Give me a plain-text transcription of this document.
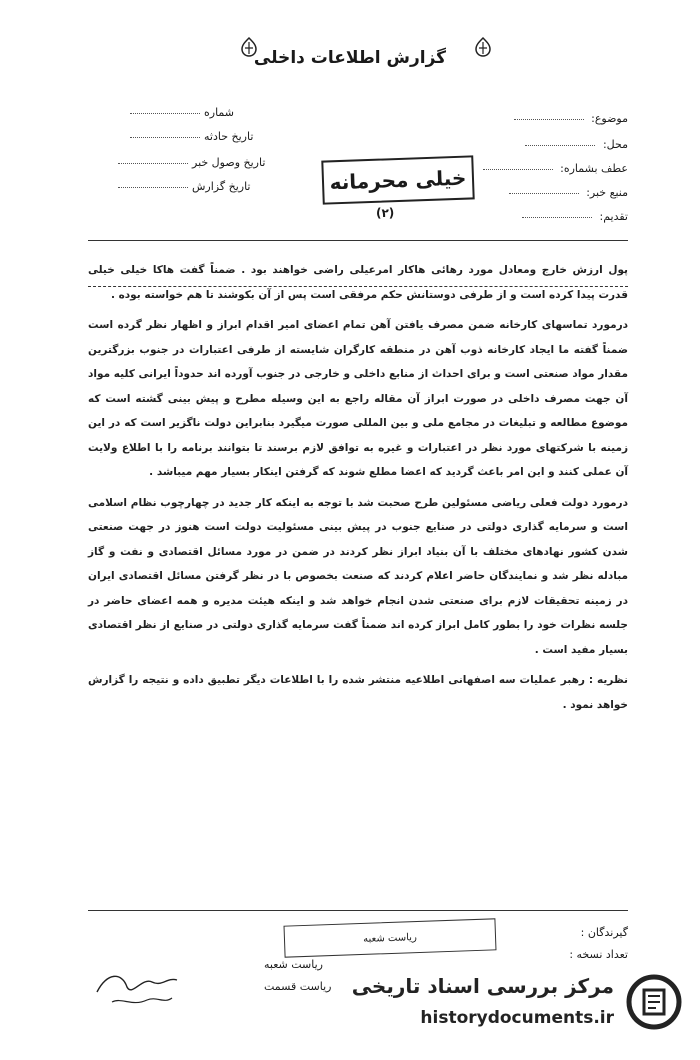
گزارش اطلاعات داخلی
شماره
تاریخ حادثه
تاریخ وصول خبر
تاریخ گزارش
موضوع:
محل:
عطف بشماره:
منبع خبر:
تقدیم:
خیلی محرمانه
(۲)

پول ارزش خارج ومعادل مورد رهائی هاکار امرعیلی راضی خواهند بود . ضمناً گفت هاکا خیلی خیلی قدرت پیدا کرده است و از طرفی دوستانش حکم مرفقی است پس از آن بکوشند تا هم خواسته بوده .

درمورد تماسهای کارخانه ضمن مصرف یافتن آهن تمام اعضای امیر اقدام ابراز و اظهار نظر گرده است ضمناً گفته ما ایجاد کارخانه ذوب آهن در منطقه کارگران شایسته از طرفی اعتبارات در جنوب بزرگترین مقدار مواد صنعتی است و برای احداث از منابع داخلی و خارجی در جنوب آورده اند حدوداً ایرانی کلیه مواد آن جهت مصرف داخلی در صورت ابراز آن مقاله راجع به این وسیله مطرح و پیش بینی گشته است که موضوع مطالعه و تبلیغات در مجامع ملی و بین المللی صورت میگیرد بنابراین دولت ناگزیر است که در این زمینه با شرکتهای مورد نظر در اعتبارات و غیره به توافق لازم برسند تا بتوانند برنامه را با اطلاع ولایت آن عملی کنند و این امر باعث گردید که اعضا مطلع شوند که گرفتن اینکار بسیار مهم میباشد .

درمورد دولت فعلی ریاضی مسئولین طرح صحبت شد با توجه به اینکه کار جدید در چهارچوب نظام اسلامی است و سرمایه گذاری دولتی در صنایع جنوب در پیش بینی مسئولیت دولت است هنوز در جهت صنعتی شدن کشور نهادهای مختلف با آن بنیاد ابراز نظر کردند در ضمن در مورد مسائل اقتصادی و نفت و گاز مبادله نظر شد و نمایندگان حاضر اعلام کردند که صنعت بخصوص با در نظر گرفتن مسائل اقتصادی ایران در زمینه تحقیقات لازم برای صنعتی شدن انجام خواهد شد و اینکه هیئت مدیره و همه اعضای حاضر در جلسه نظرات خود را بطور کامل ابراز کرده اند ضمناً گفت سرمایه گذاری دولتی در صنایع از نظر اقتصادی بسیار مفید است .

نظریه : رهبر عملیات سه اصفهانی اطلاعیه منتشر شده را با اطلاعات دیگر تطبیق داده و نتیجه را گزارش خواهد نمود .

گیرندگان :
تعداد نسخه :
ریاست شعبه
ریاست شعبه
ریاست قسمت مرکز بررسی اسناد تاریخی
historydocuments.ir
